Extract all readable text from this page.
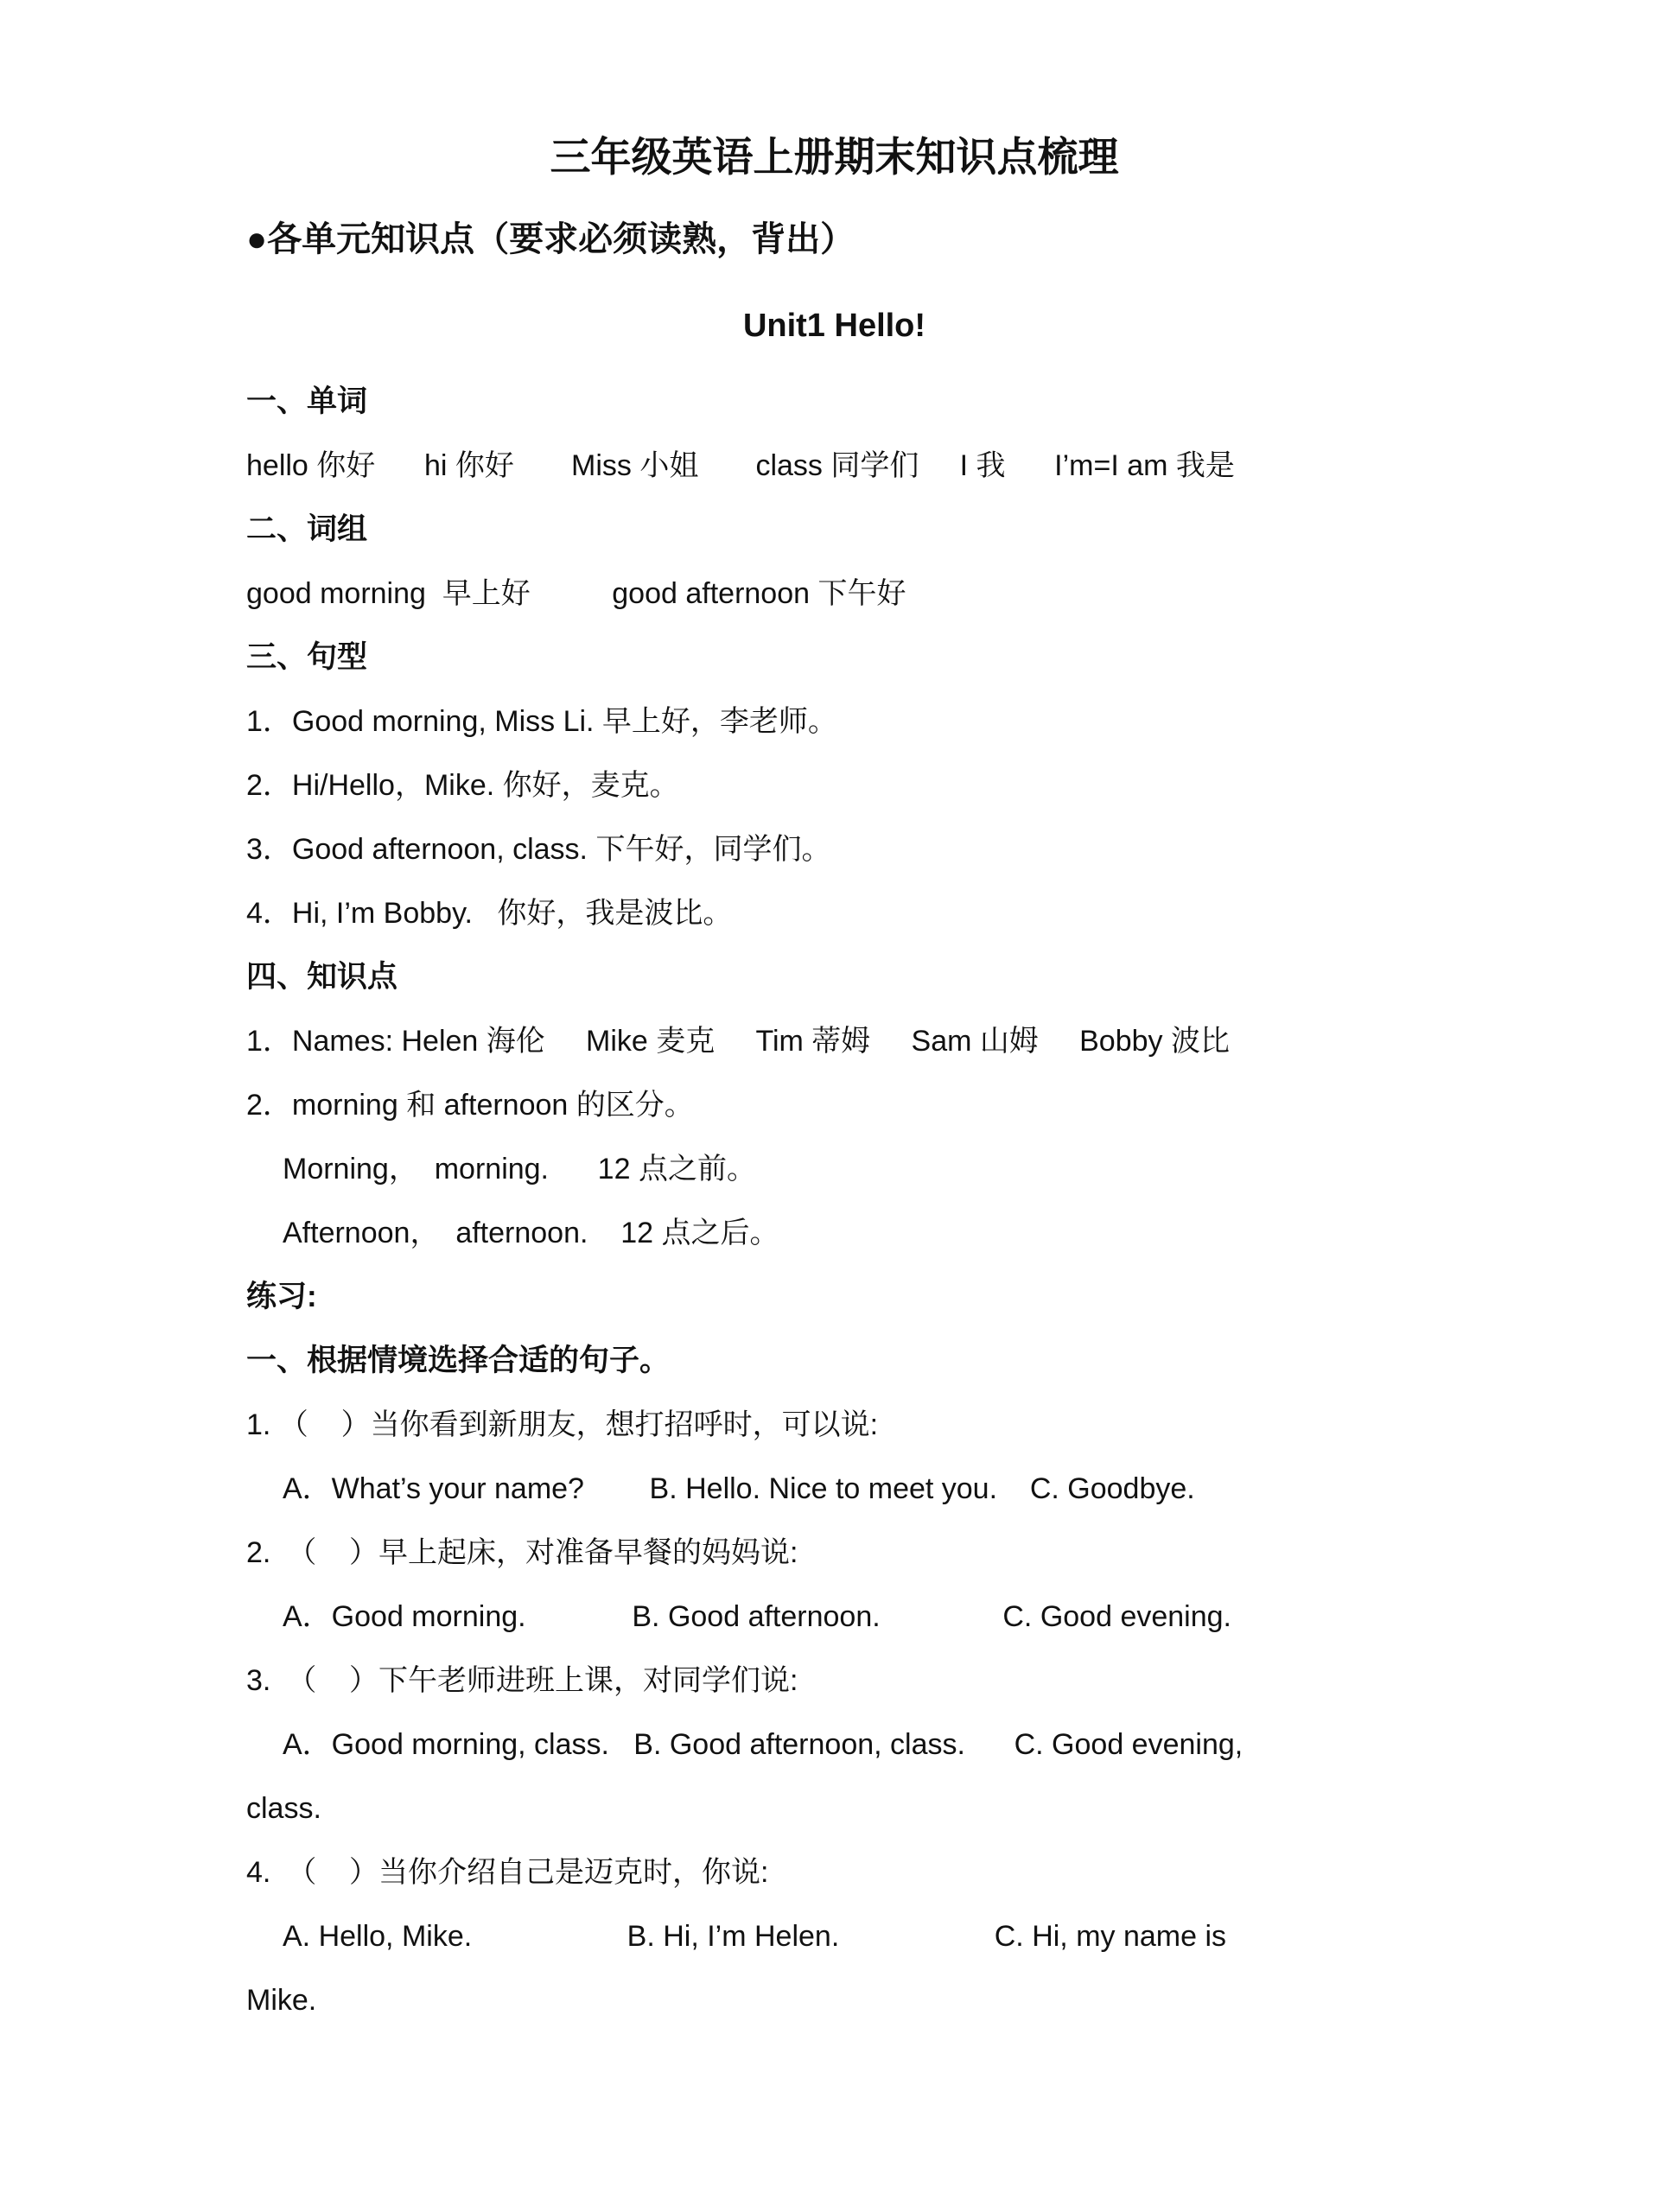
三年级英语上册期末知识点梳理

●各单元知识点（要求必须读熟，背出）

Unit1 Hello!

一、单词

hello 你好      hi 你好       Miss 小姐       class 同学们     I 我      I’m=I am 我是

二、词组

good morning  早上好          good afternoon 下午好

三、句型

1．Good morning, Miss Li. 早上好，李老师。

2．Hi/Hello，Mike. 你好，麦克。

3．Good afternoon, class. 下午好，同学们。

4．Hi, I’m Bobby.   你好，我是波比。

四、知识点

1．Names: Helen 海伦     Mike 麦克     Tim 蒂姆     Sam 山姆     Bobby 波比

2．morning 和 afternoon 的区分。

Morning，  morning.      12 点之前。

Afternoon，  afternoon.    12 点之后。

练习:

一、根据情境选择合适的句子。

1. （    ）当你看到新朋友，想打招呼时，可以说:

A．What’s your name?        B. Hello. Nice to meet you.    C. Goodbye.

2.  （    ）早上起床，对准备早餐的妈妈说:

A．Good morning.             B. Good afternoon.               C. Good evening.

3.  （    ）下午老师进班上课，对同学们说:

A．Good morning, class.   B. Good afternoon, class.      C. Good evening,

class.

4.  （    ）当你介绍自己是迈克时，你说:

A. Hello, Mike.                   B. Hi, I’m Helen.                   C. Hi, my name is

Mike.
